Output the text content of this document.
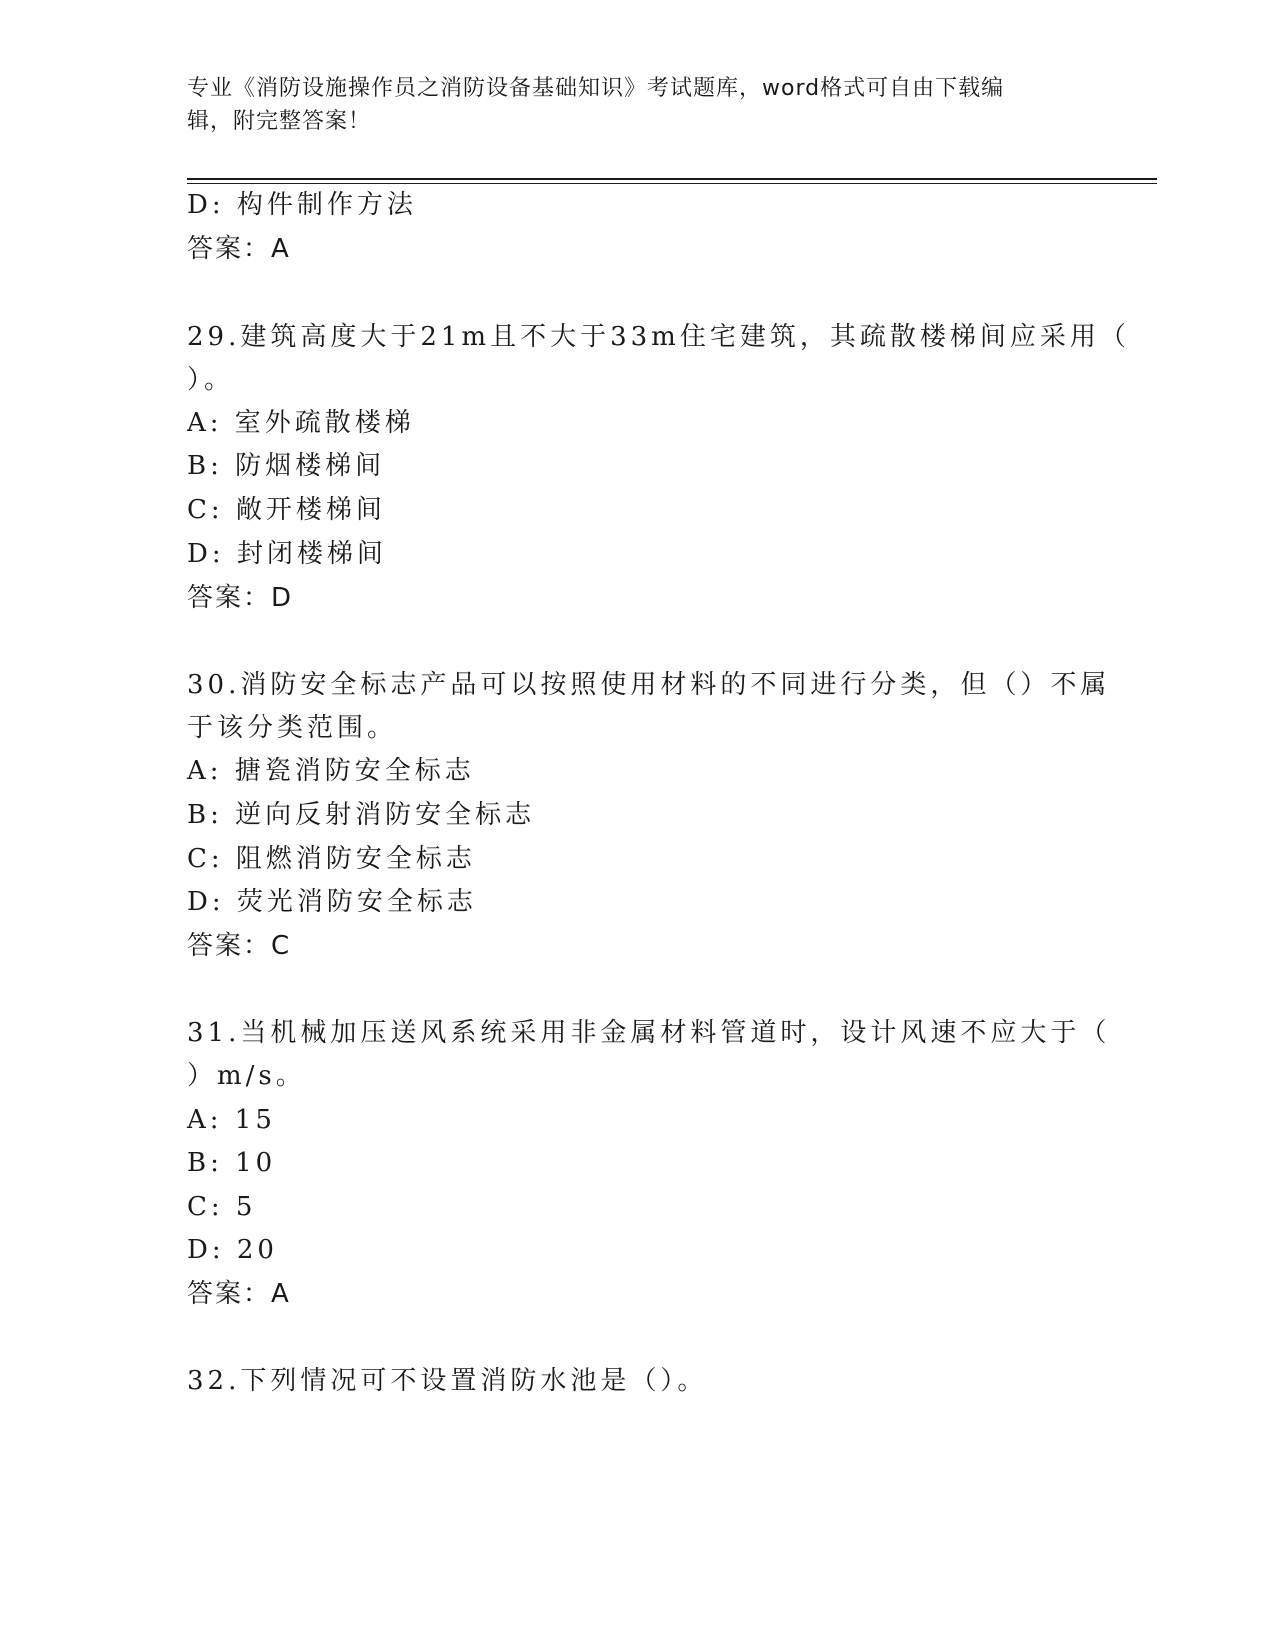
专业《消防设施操作员之消防设备基础知识》考试题库，word格式可自由下载编
辑，附完整答案！
D: 构件制作方法
答案：A
29.建筑高度大于21m且不大于33m住宅建筑，其疏散楼梯间应采用（
）。
A: 室外疏散楼梯
B: 防烟楼梯间
C: 敞开楼梯间
D: 封闭楼梯间
答案：D
30.消防安全标志产品可以按照使用材料的不同进行分类，但（）不属
于该分类范围。
A: 搪瓷消防安全标志
B: 逆向反射消防安全标志
C: 阻燃消防安全标志
D: 荧光消防安全标志
答案：C
31.当机械加压送风系统采用非金属材料管道时，设计风速不应大于（
）m/s。
A: 15
B: 10
C: 5
D: 20
答案：A
32.下列情况可不设置消防水池是（）。
